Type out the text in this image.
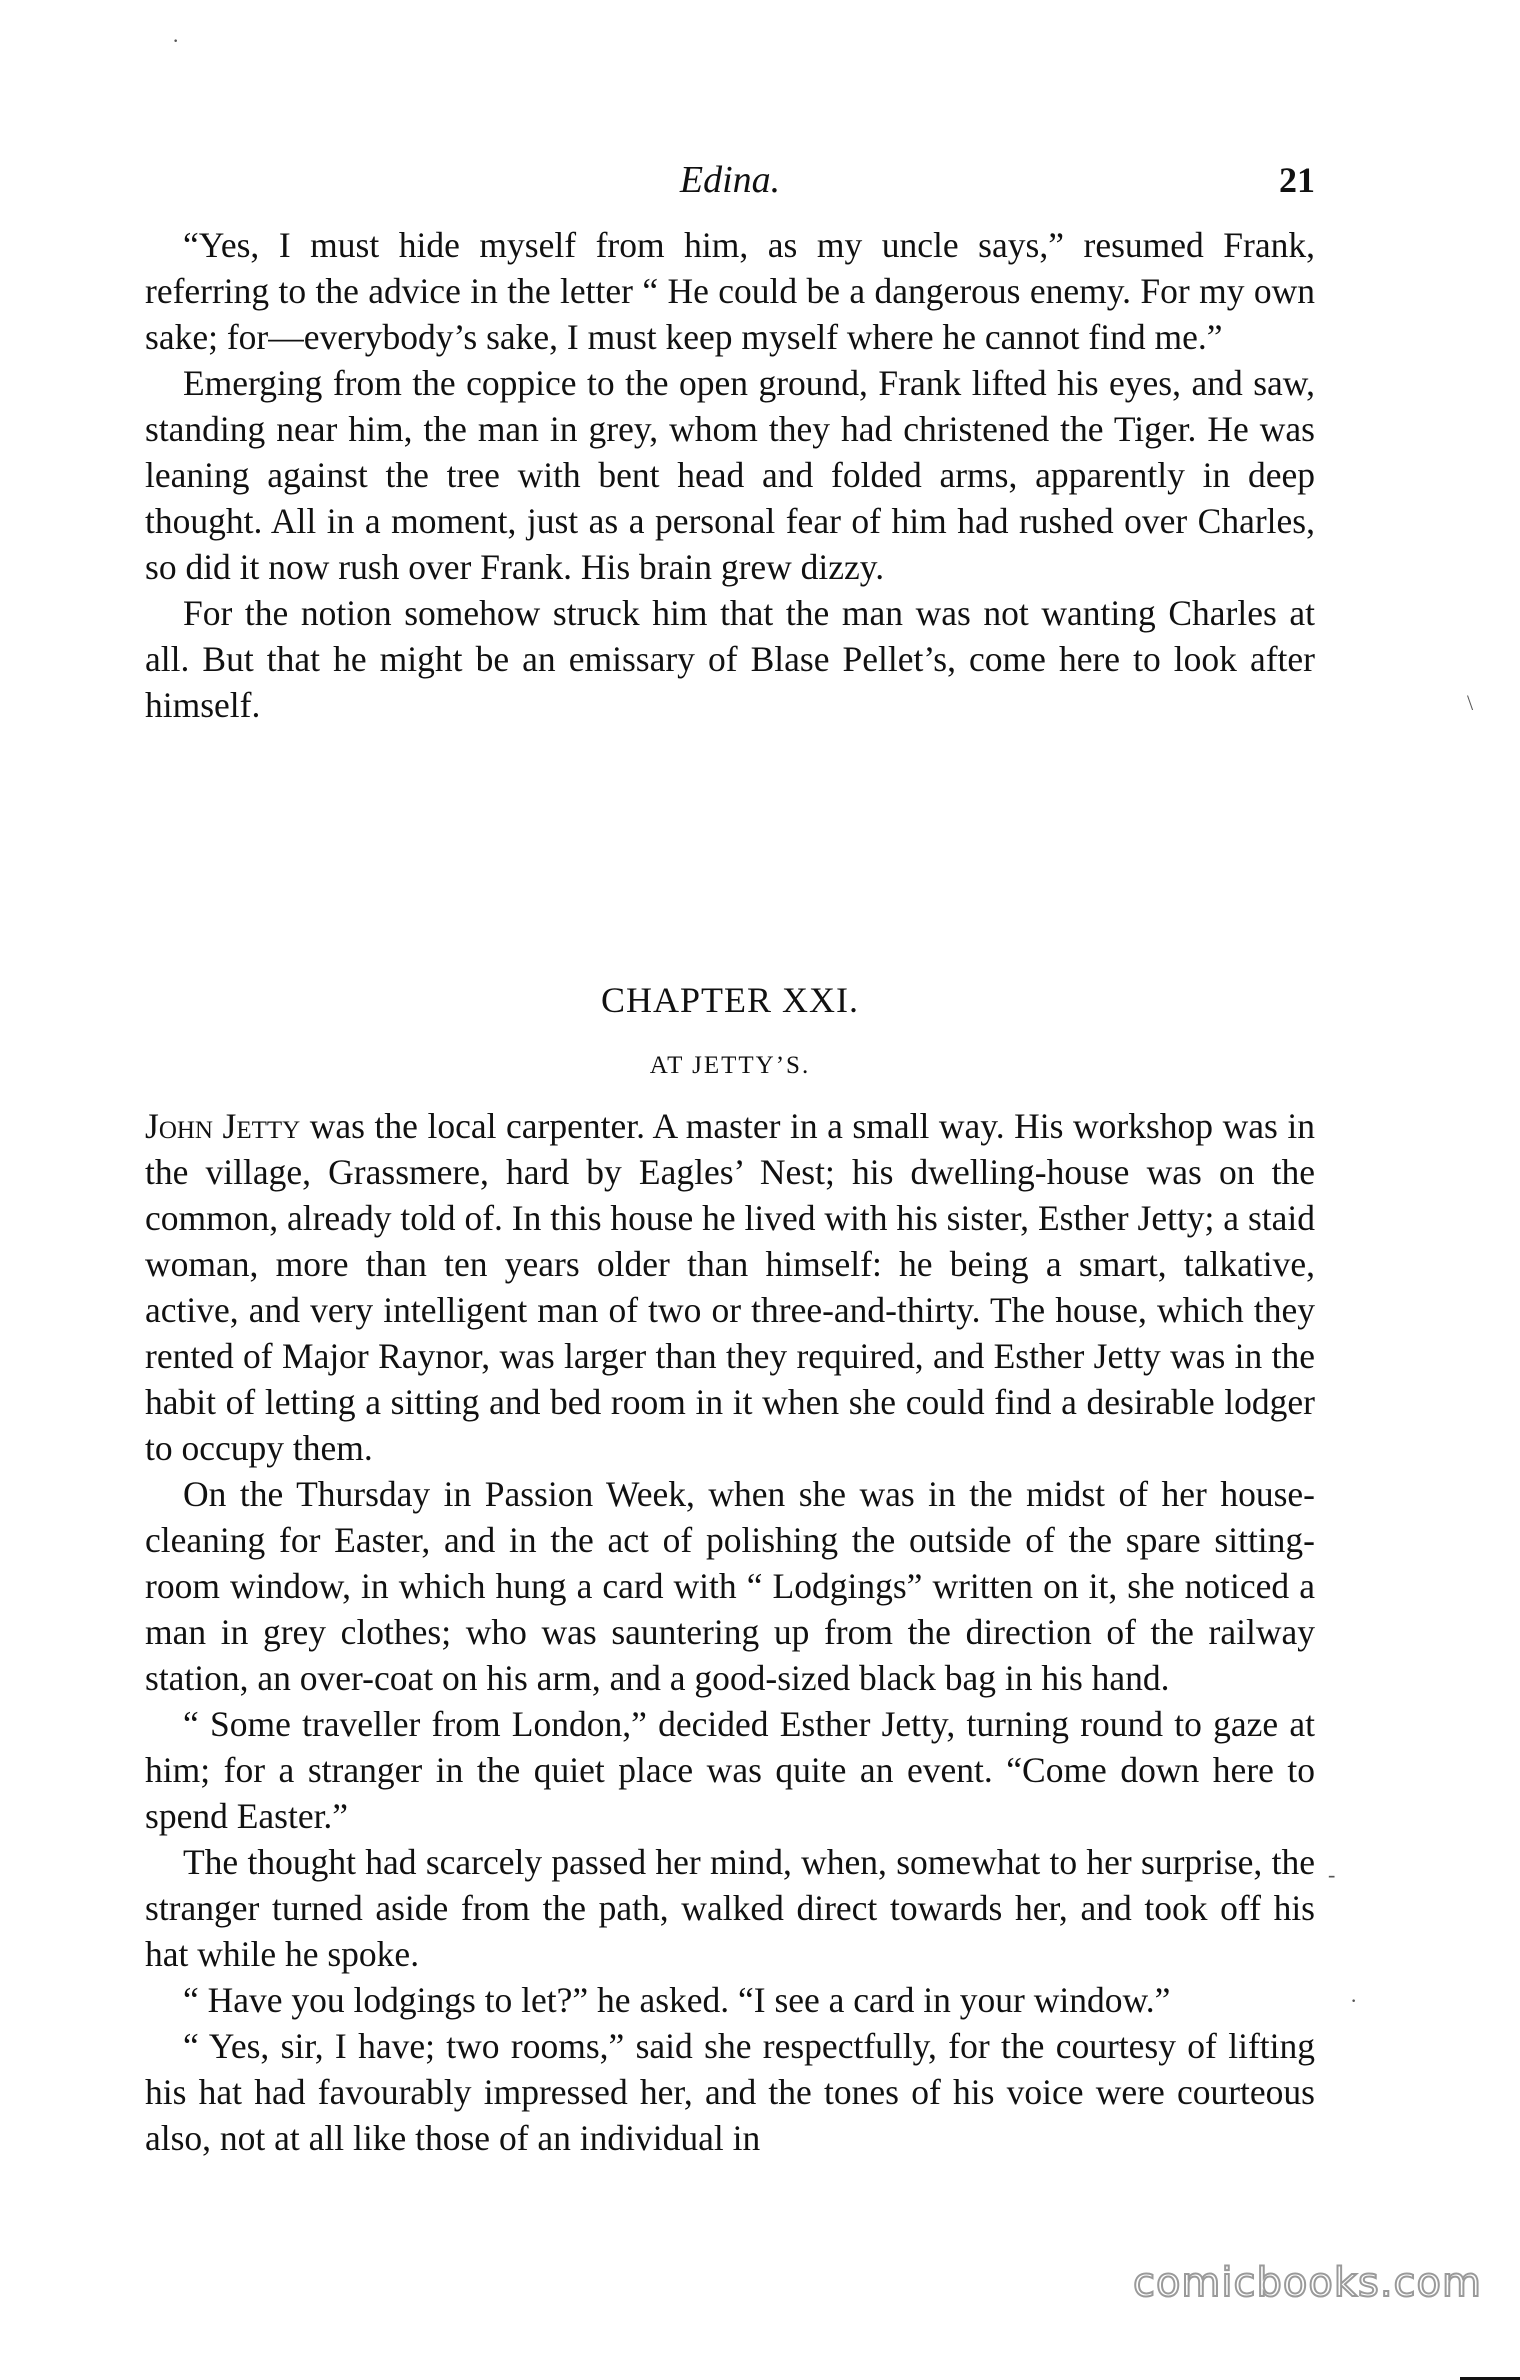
·
\
-
·
Edina.	21

“Yes, I must hide myself from him, as my uncle says,” resumed Frank, referring to the advice in the letter “ He could be a dangerous enemy. For my own sake; for—everybody’s sake, I must keep myself where he cannot find me.”

Emerging from the coppice to the open ground, Frank lifted his eyes, and saw, standing near him, the man in grey, whom they had christened the Tiger. He was leaning against the tree with bent head and folded arms, apparently in deep thought. All in a moment, just as a personal fear of him had rushed over Charles, so did it now rush over Frank. His brain grew dizzy.

For the notion somehow struck him that the man was not wanting Charles at all. But that he might be an emissary of Blase Pellet’s, come here to look after himself.

CHAPTER XXI.
AT JETTY’S.

John Jetty was the local carpenter. A master in a small way. His workshop was in the village, Grassmere, hard by Eagles’ Nest; his dwelling-house was on the common, already told of. In this house he lived with his sister, Esther Jetty; a staid woman, more than ten years older than himself: he being a smart, talkative, active, and very intelligent man of two or three-and-thirty. The house, which they rented of Major Raynor, was larger than they required, and Esther Jetty was in the habit of letting a sitting and bed room in it when she could find a desirable lodger to occupy them.

On the Thursday in Passion Week, when she was in the midst of her house-cleaning for Easter, and in the act of polishing the outside of the spare sitting-room window, in which hung a card with “ Lodgings” written on it, she noticed a man in grey clothes; who was sauntering up from the direction of the railway station, an over-coat on his arm, and a good-sized black bag in his hand.

“ Some traveller from London,” decided Esther Jetty, turning round to gaze at him; for a stranger in the quiet place was quite an event. “Come down here to spend Easter.”

The thought had scarcely passed her mind, when, somewhat to her surprise, the stranger turned aside from the path, walked direct towards her, and took off his hat while he spoke.

“ Have you lodgings to let?” he asked. “I see a card in your window.”

“ Yes, sir, I have; two rooms,” said she respectfully, for the courtesy of lifting his hat had favourably impressed her, and the tones of his voice were courteous also, not at all like those of an individual in

comicbooks.com
